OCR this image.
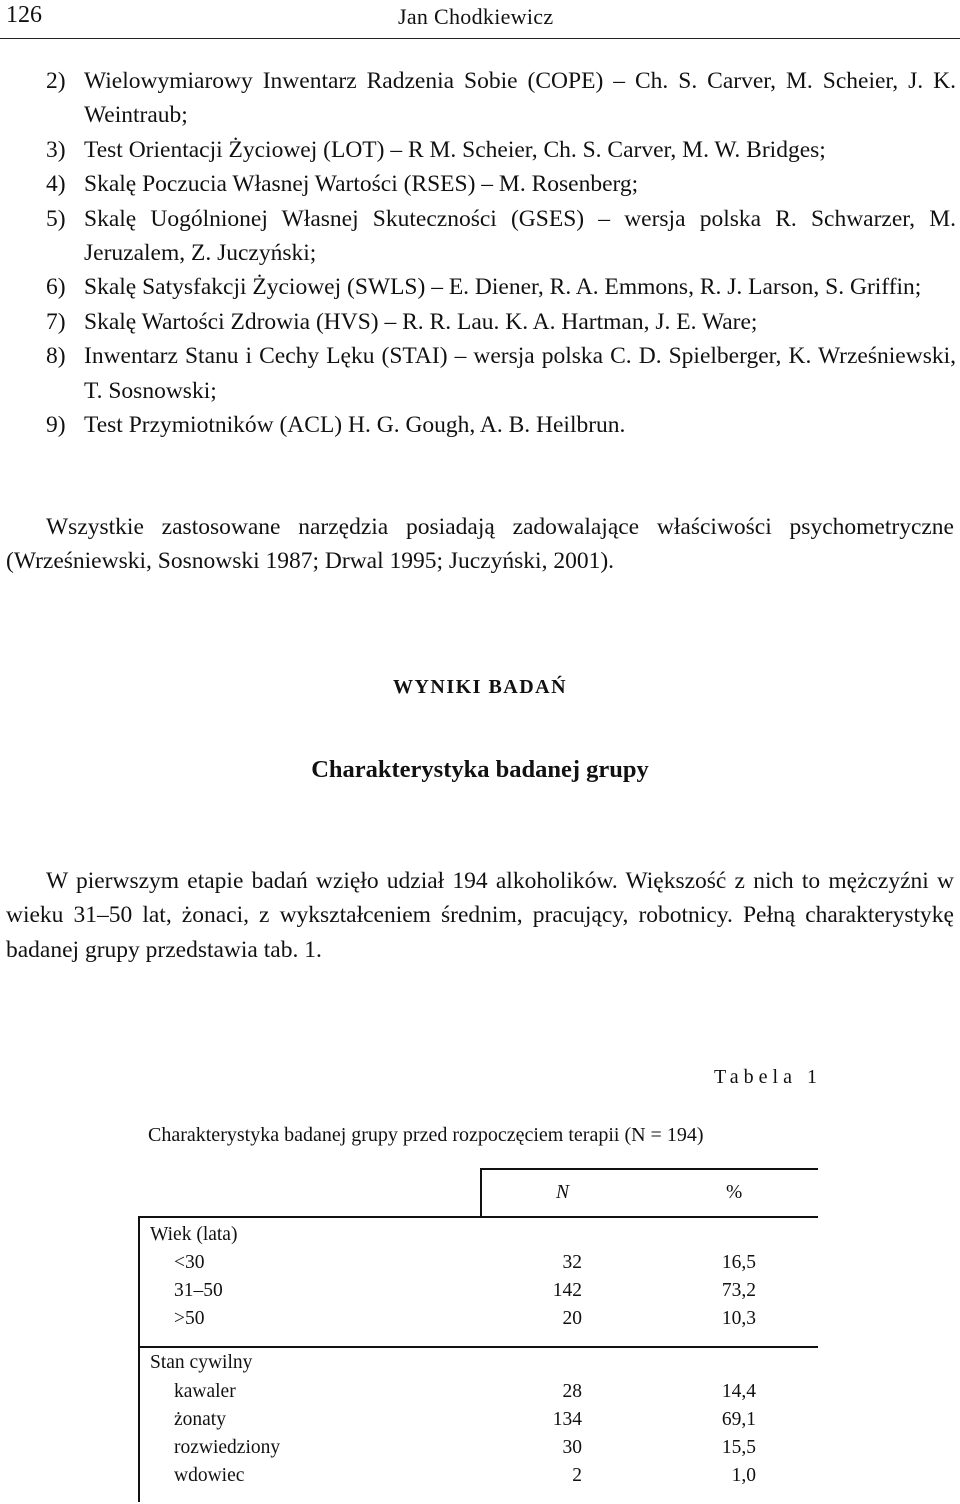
126	Jan Chodkiewicz
2) Wielowymiarowy Inwentarz Radzenia Sobie (COPE) – Ch. S. Carver, M. Scheier, J. K. Weintraub;
3) Test Orientacji Życiowej (LOT) – R M. Scheier, Ch. S. Carver, M. W. Bridges;
4) Skalę Poczucia Własnej Wartości (RSES) – M. Rosenberg;
5) Skalę Uogólnionej Własnej Skuteczności (GSES) – wersja polska R. Schwarzer, M. Jeruzalem, Z. Juczyński;
6) Skalę Satysfakcji Życiowej (SWLS) – E. Diener, R. A. Emmons, R. J. Larson, S. Griffin;
7) Skalę Wartości Zdrowia (HVS) – R. R. Lau. K. A. Hartman, J. E. Ware;
8) Inwentarz Stanu i Cechy Lęku (STAI) – wersja polska C. D. Spielberger, K. Wrześniewski, T. Sosnowski;
9) Test Przymiotników (ACL) H. G. Gough, A. B. Heilbrun.
Wszystkie zastosowane narzędzia posiadają zadowalające właściwości psychometryczne (Wrześniewski, Sosnowski 1987; Drwal 1995; Juczyński, 2001).
WYNIKI BADAŃ
Charakterystyka badanej grupy
W pierwszym etapie badań wzięło udział 194 alkoholików. Większość z nich to mężczyźni w wieku 31–50 lat, żonaci, z wykształceniem średnim, pracujący, robotnicy. Pełną charakterystykę badanej grupy przedstawia tab. 1.
Tabela 1
Charakterystyka badanej grupy przed rozpoczęciem terapii (N = 194)
N	%
Wiek (lata)
<30	32	16,5
31–50	142	73,2
>50	20	10,3
Stan cywilny
kawaler	28	14,4
żonaty	134	69,1
rozwiedziony	30	15,5
wdowiec	2	1,0
